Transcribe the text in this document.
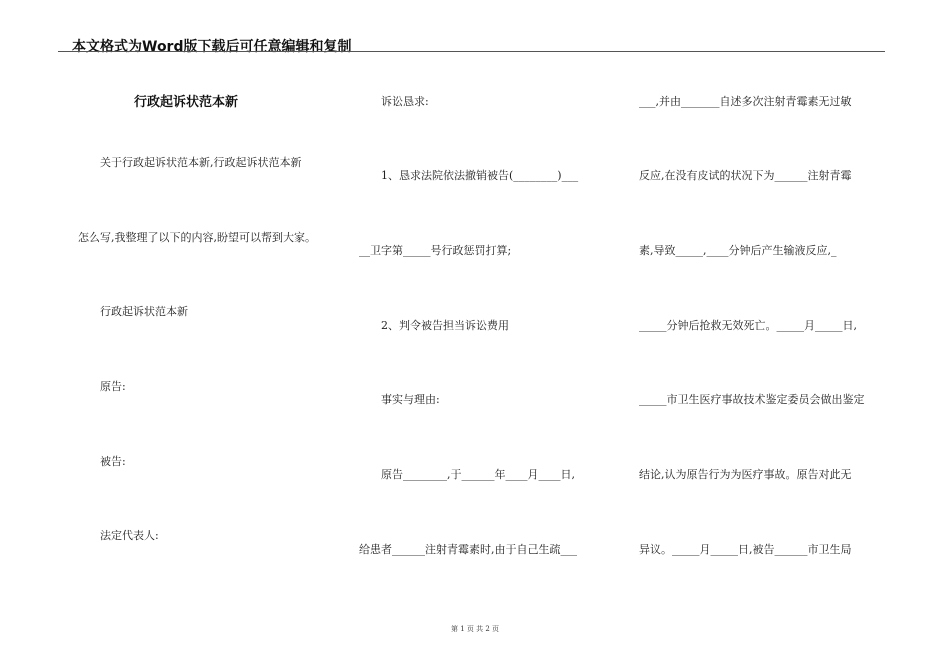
本文格式为Word版下载后可任意编辑和复制
行政起诉状范本新
关于行政起诉状范本新,行政起诉状范本新
怎么写,我整理了以下的内容,盼望可以帮到大家。
行政起诉状范本新
原告:
被告:
法定代表人:
诉讼恳求:
1、恳求法院依法撤销被告(________)___
__卫字第_____号行政惩罚打算;
2、判令被告担当诉讼费用
事实与理由:
原告________,于______年____月____日,
给患者______注射青霉素时,由于自己生疏___
___,并由_______自述多次注射青霉素无过敏
反应,在没有皮试的状况下为______注射青霉
素,导致_____,____分钟后产生输液反应,_
_____分钟后抢救无效死亡。_____月_____日,
_____市卫生医疗事故技术鉴定委员会做出鉴定
结论,认为原告行为为医疗事故。原告对此无
异议。_____月_____日,被告______市卫生局
第 1 页 共 2 页
